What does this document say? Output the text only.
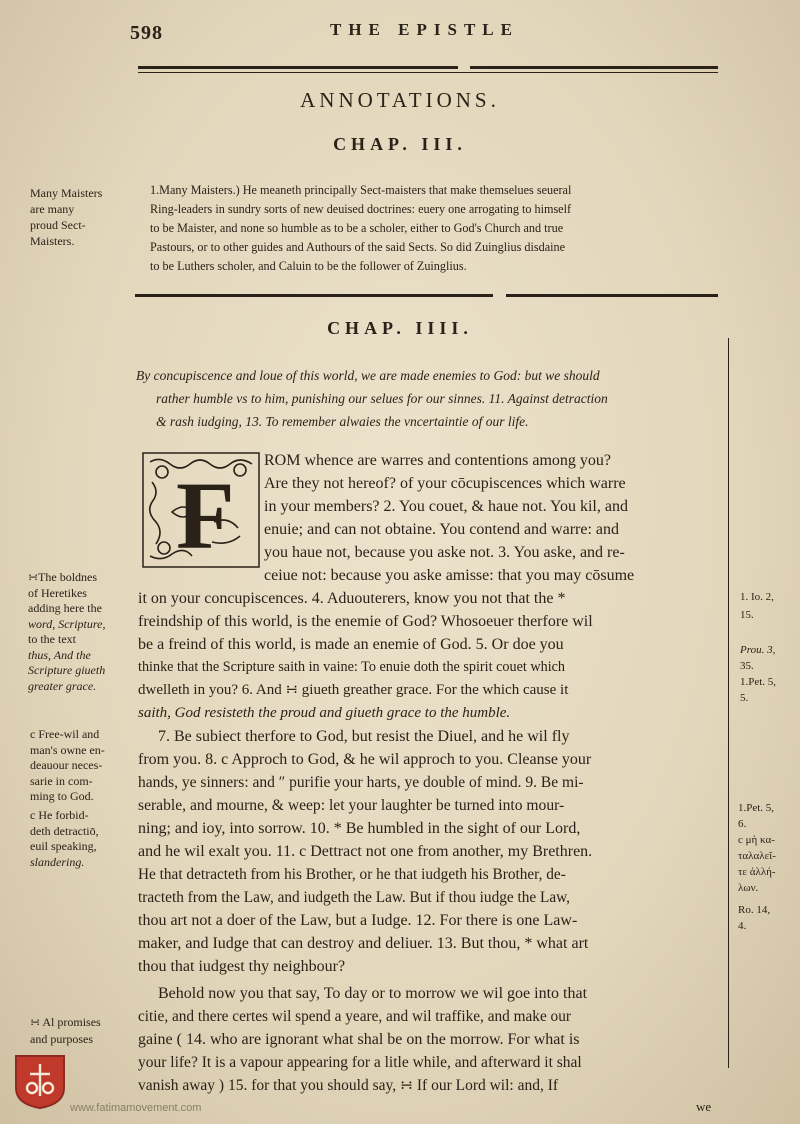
598	THE EPISTLE
ANNOTATIONS.
CHAP. III.
Many Maisters
are many
proud Sect-
Maisters.
1.Many Maisters.) He meaneth principally Sect-maisters that make themselues seueral
Ring-leaders in sundry sorts of new deuised doctrines: euery one arrogating to himself
to be Maister, and none so humble as to be a scholer, either to God's Church and true
Pastours, or to other guides and Authours of the said Sects. So did Zuinglius disdaine
to be Luthers scholer, and Caluin to be the follower of Zuinglius.
CHAP. IIII.
By concupiscence and loue of this world, we are made enemies to God: but we should
rather humble vs to him, punishing our selues for our sinnes. 11. Against detraction
& rash iudging, 13. To remember alwaies the vncertaintie of our life.
F
ROM whence are warres and contentions among you?
Are they not hereof? of your cōcupiscences which warre
in your members? 2. You couet, & haue not. You kil, and
enuie; and can not obtaine. You contend and warre: and
you haue not, because you aske not. 3. You aske, and re-
ceiue not: because you aske amisse: that you may cōsume
it on your concupiscences. 4. Aduouterers, know you not that the *
freindship of this world, is the enemie of God? Whosoeuer therfore wil
be a freind of this world, is made an enemie of God. 5. Or doe you
thinke that the Scripture saith in vaine: To enuie doth the spirit couet which
dwelleth in you? 6. And ∺ giueth greather grace. For the which cause it
saith, God resisteth the proud and giueth grace to the humble.
7. Be subiect therfore to God, but resist the Diuel, and he wil fly
from you. 8. c Approch to God, & he wil approch to you. Cleanse your
hands, ye sinners: and ″ purifie your harts, ye double of mind. 9. Be mi-
serable, and mourne, & weep: let your laughter be turned into mour-
ning; and ioy, into sorrow. 10. * Be humbled in the sight of our Lord,
and he wil exalt you. 11. c Dettract not one from another, my Brethren.
He that detracteth from his Brother, or he that iudgeth his Brother, de-
tracteth from the Law, and iudgeth the Law. But if thou iudge the Law,
thou art not a doer of the Law, but a Iudge. 12. For there is one Law-
maker, and Iudge that can destroy and deliuer. 13. But thou, * what art
thou that iudgest thy neighbour?
Behold now you that say, To day or to morrow we wil goe into that
citie, and there certes wil spend a yeare, and wil traffike, and make our
gaine ( 14. who are ignorant what shal be on the morrow. For what is
your life? It is a vapour appearing for a litle while, and afterward it shal
vanish away ) 15. for that you should say, ∺ If our Lord wil: and, If
we
∺The boldnes
of Heretikes
adding here the
word, Scripture,
to the text
thus, And the
Scripture giueth
greater grace.
c Free-wil and
man's owne en-
deauour neces-
sarie in com-
ming to God.
c He forbid-
deth detractiō,
euil speaking,
slandering.
∺ Al promises
and purposes
1. Io. 2,
15.
Prou. 3,
35.
1.Pet. 5,
5.
1.Pet. 5,
6.
c μὴ κα-
ταλαλεῖ-
τε ἀλλή-
λων.
Ro. 14,
4.
www.fatimamovement.com
